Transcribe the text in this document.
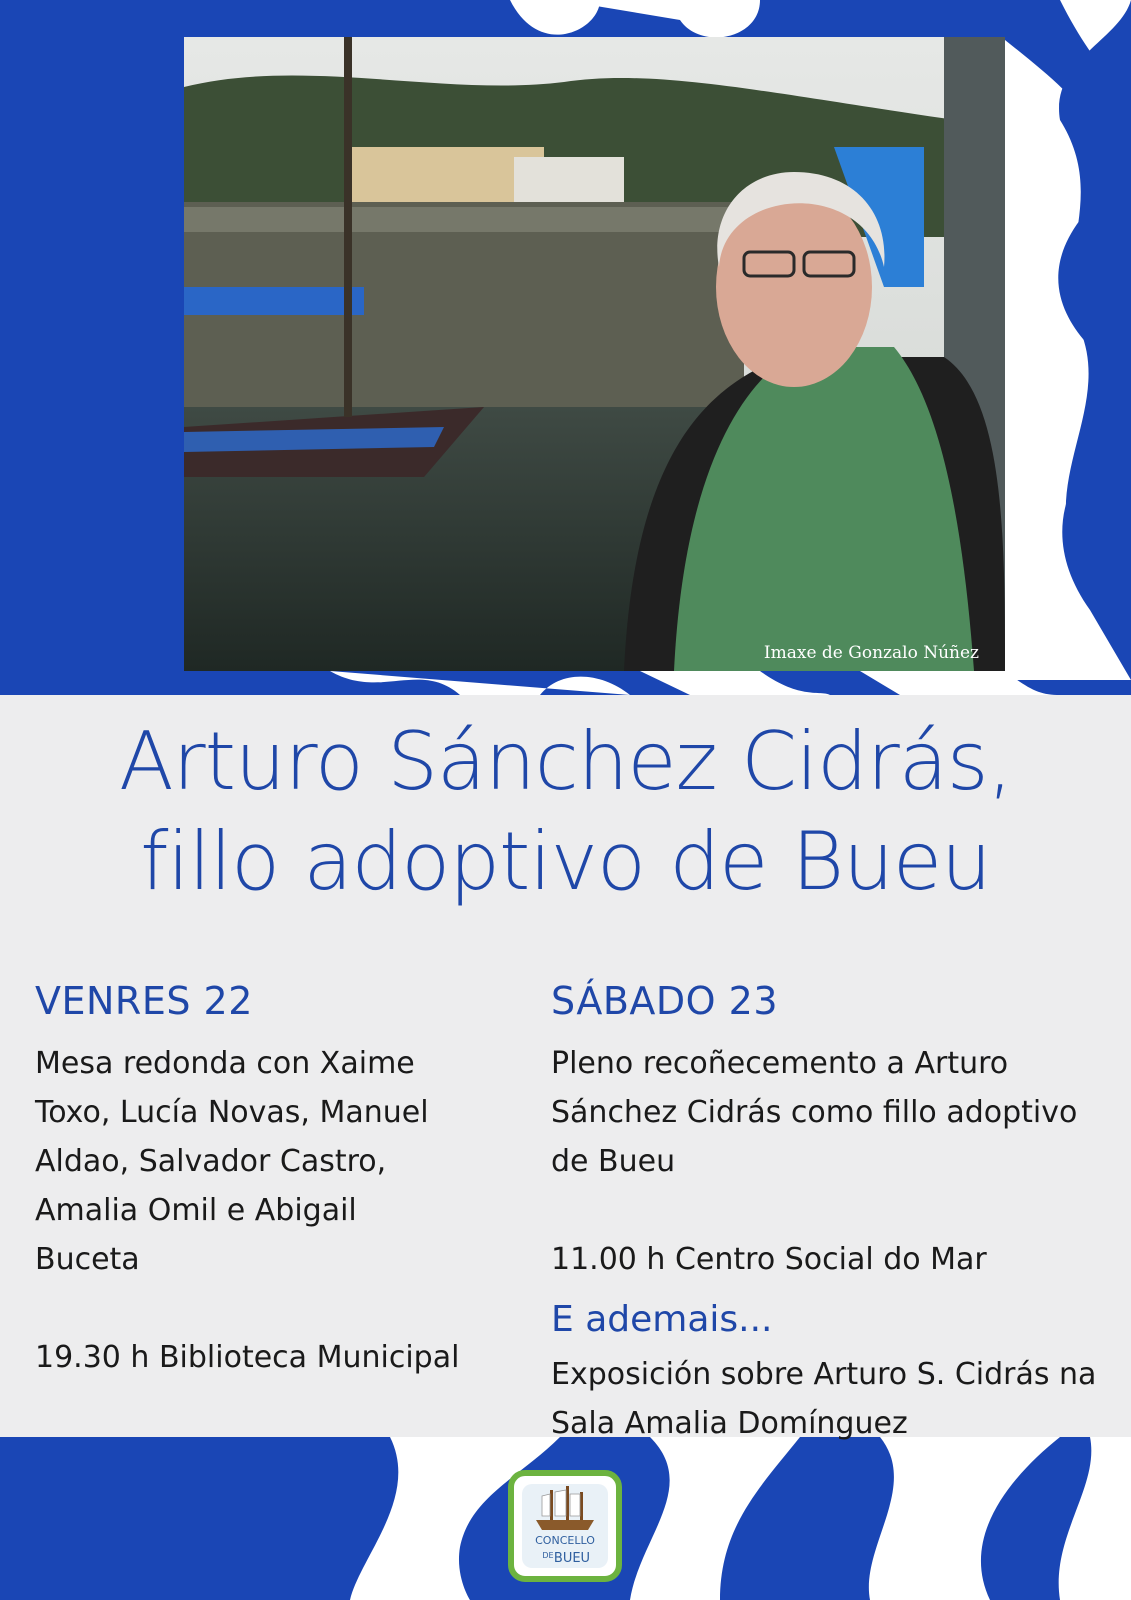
Imaxe de Gonzalo Núñez
Arturo Sánchez Cidrás,
fillo adoptivo de Bueu
VENRES 22

Mesa redonda con Xaime Toxo, Lucía Novas, Manuel Aldao, Salvador Castro, Amalia Omil e Abigail Buceta

19.30 h Biblioteca Municipal

SÁBADO 23

Pleno recoñecemento a Arturo Sánchez Cidrás como fillo adoptivo de Bueu

11.00 h Centro Social do Mar

E ademais...

Exposición sobre Arturo S. Cidrás na Sala Amalia Domínguez

CONCELLO
DE BUEU
